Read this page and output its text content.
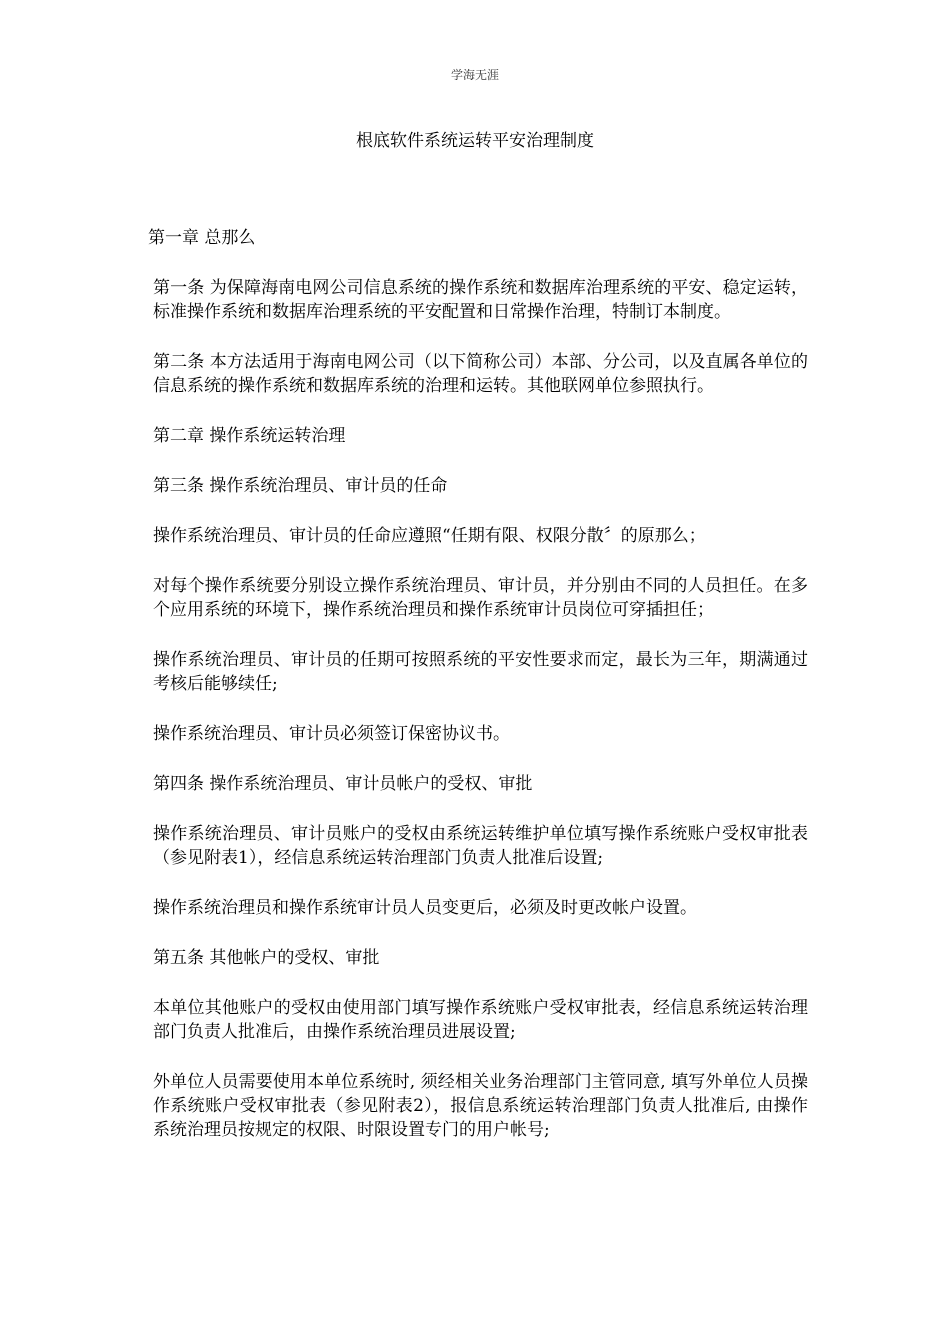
学海无涯
根底软件系统运转平安治理制度

第一章 总那么

第一条 为保障海南电网公司信息系统的操作系统和数据库治理系统的平安、稳定运转，标准操作系统和数据库治理系统的平安配置和日常操作治理，特制订本制度。

第二条 本方法适用于海南电网公司（以下简称公司）本部、分公司，以及直属各单位的信息系统的操作系统和数据库系统的治理和运转。其他联网单位参照执行。

第二章 操作系统运转治理

第三条 操作系统治理员、审计员的任命

操作系统治理员、审计员的任命应遵照“任期有限、权限分散〞的原那么；

对每个操作系统要分别设立操作系统治理员、审计员，并分别由不同的人员担任。在多个应用系统的环境下，操作系统治理员和操作系统审计员岗位可穿插担任；

操作系统治理员、审计员的任期可按照系统的平安性要求而定，最长为三年，期满通过考核后能够续任;

操作系统治理员、审计员必须签订保密协议书。

第四条 操作系统治理员、审计员帐户的受权、审批

操作系统治理员、审计员账户的受权由系统运转维护单位填写操作系统账户受权审批表（参见附表1），经信息系统运转治理部门负责人批准后设置;

操作系统治理员和操作系统审计员人员变更后，必须及时更改帐户设置。

第五条 其他帐户的受权、审批

本单位其他账户的受权由使用部门填写操作系统账户受权审批表，经信息系统运转治理部门负责人批准后，由操作系统治理员进展设置;

外单位人员需要使用本单位系统时, 须经相关业务治理部门主管同意, 填写外单位人员操作系统账户受权审批表（参见附表2），报信息系统运转治理部门负责人批准后, 由操作系统治理员按规定的权限、时限设置专门的用户帐号;
